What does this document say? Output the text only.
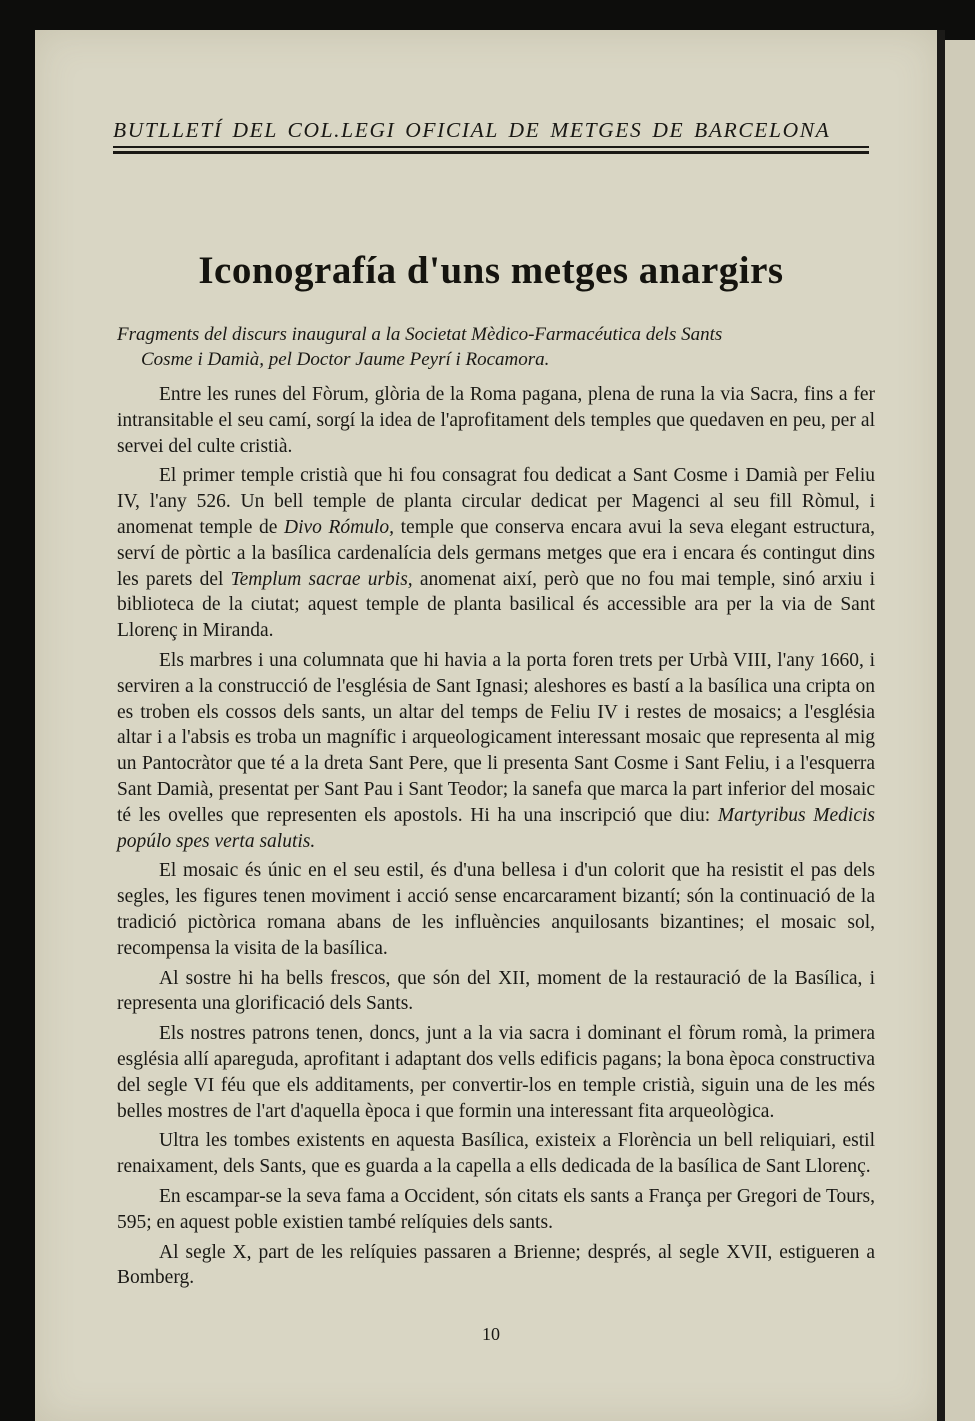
BUTLLETÍ DEL COL.LEGI OFICIAL DE METGES DE BARCELONA
Iconografía d'uns metges anargirs
Fragments del discurs inaugural a la Societat Mèdico-Farmacéutica dels Sants
Cosme i Damià, pel Doctor Jaume Peyrí i Rocamora.

Entre les runes del Fòrum, glòria de la Roma pagana, plena de runa la via Sacra, fins a fer intransitable el seu camí, sorgí la idea de l'aprofitament dels temples que quedaven en peu, per al servei del culte cristià.

El primer temple cristià que hi fou consagrat fou dedicat a Sant Cosme i Damià per Feliu IV, l'any 526. Un bell temple de planta circular dedicat per Magenci al seu fill Ròmul, i anomenat temple de Divo Rómulo, temple que conserva encara avui la seva elegant estructura, serví de pòrtic a la basílica cardenalícia dels germans metges que era i encara és contingut dins les parets del Templum sacrae urbis, anomenat així, però que no fou mai temple, sinó arxiu i biblioteca de la ciutat; aquest temple de planta basilical és accessible ara per la via de Sant Llorenç in Miranda.

Els marbres i una columnata que hi havia a la porta foren trets per Urbà VIII, l'any 1660, i serviren a la construcció de l'església de Sant Ignasi; aleshores es bastí a la basílica una cripta on es troben els cossos dels sants, un altar del temps de Feliu IV i restes de mosaics; a l'església altar i a l'absis es troba un magnífic i arqueologicament interessant mosaic que representa al mig un Pantocràtor que té a la dreta Sant Pere, que li presenta Sant Cosme i Sant Feliu, i a l'esquerra Sant Damià, presentat per Sant Pau i Sant Teodor; la sanefa que marca la part inferior del mosaic té les ovelles que representen els apostols. Hi ha una inscripció que diu: Martyribus Medicis popúlo spes verta salutis.

El mosaic és únic en el seu estil, és d'una bellesa i d'un colorit que ha resistit el pas dels segles, les figures tenen moviment i acció sense encarcarament bizantí; són la continuació de la tradició pictòrica romana abans de les influències anquilosants bizantines; el mosaic sol, recompensa la visita de la basílica.

Al sostre hi ha bells frescos, que són del XII, moment de la restauració de la Basílica, i representa una glorificació dels Sants.

Els nostres patrons tenen, doncs, junt a la via sacra i dominant el fòrum romà, la primera església allí apareguda, aprofitant i adaptant dos vells edificis pagans; la bona època constructiva del segle VI féu que els additaments, per convertir-los en temple cristià, siguin una de les més belles mostres de l'art d'aquella època i que formin una interessant fita arqueològica.

Ultra les tombes existents en aquesta Basílica, existeix a Florència un bell reliquiari, estil renaixament, dels Sants, que es guarda a la capella a ells dedicada de la basílica de Sant Llorenç.

En escampar-se la seva fama a Occident, són citats els sants a França per Gregori de Tours, 595; en aquest poble existien també relíquies dels sants.

Al segle X, part de les relíquies passaren a Brienne; després, al segle XVII, estigueren a Bomberg.

10
